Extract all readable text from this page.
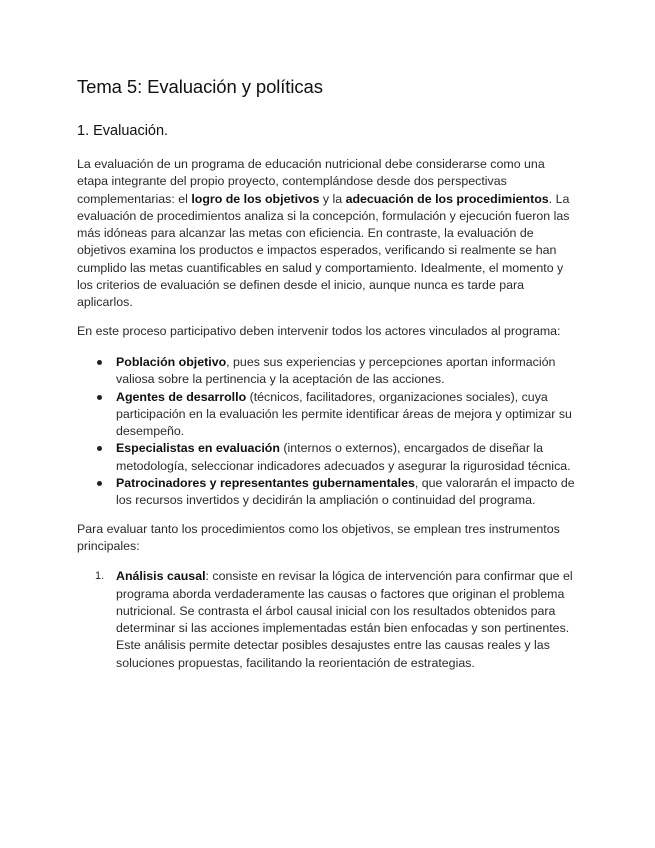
Tema 5: Evaluación y políticas
1. Evaluación.

La evaluación de un programa de educación nutricional debe considerarse como una etapa integrante del propio proyecto, contemplándose desde dos perspectivas complementarias: el logro de los objetivos y la adecuación de los procedimientos. La evaluación de procedimientos analiza si la concepción, formulación y ejecución fueron las más idóneas para alcanzar las metas con eficiencia. En contraste, la evaluación de objetivos examina los productos e impactos esperados, verificando si realmente se han cumplido las metas cuantificables en salud y comportamiento. Idealmente, el momento y los criterios de evaluación se definen desde el inicio, aunque nunca es tarde para aplicarlos.

En este proceso participativo deben intervenir todos los actores vinculados al programa:

Población objetivo, pues sus experiencias y percepciones aportan información valiosa sobre la pertinencia y la aceptación de las acciones.
Agentes de desarrollo (técnicos, facilitadores, organizaciones sociales), cuya participación en la evaluación les permite identificar áreas de mejora y optimizar su desempeño.
Especialistas en evaluación (internos o externos), encargados de diseñar la metodología, seleccionar indicadores adecuados y asegurar la rigurosidad técnica.
Patrocinadores y representantes gubernamentales, que valorarán el impacto de los recursos invertidos y decidirán la ampliación o continuidad del programa.

Para evaluar tanto los procedimientos como los objetivos, se emplean tres instrumentos principales:

1. Análisis causal: consiste en revisar la lógica de intervención para confirmar que el programa aborda verdaderamente las causas o factores que originan el problema nutricional. Se contrasta el árbol causal inicial con los resultados obtenidos para determinar si las acciones implementadas están bien enfocadas y son pertinentes. Este análisis permite detectar posibles desajustes entre las causas reales y las soluciones propuestas, facilitando la reorientación de estrategias.
